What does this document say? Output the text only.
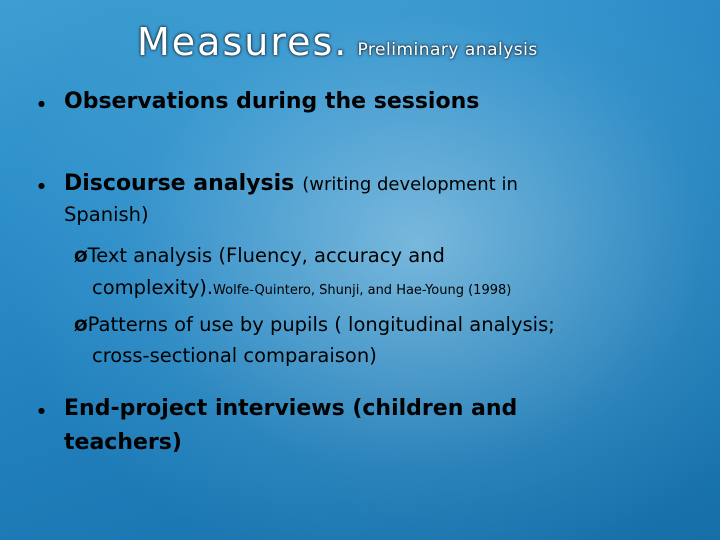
Measures. Preliminary analysis
● Observations during the sessions
● Discourse analysis (writing development in
Spanish)
ØText analysis (Fluency, accuracy and
complexity).Wolfe-Quintero, Shunji, and Hae-Young (1998)
ØPatterns of use by pupils ( longitudinal analysis;
cross-sectional comparaison)
● End-project interviews (children and
teachers)
